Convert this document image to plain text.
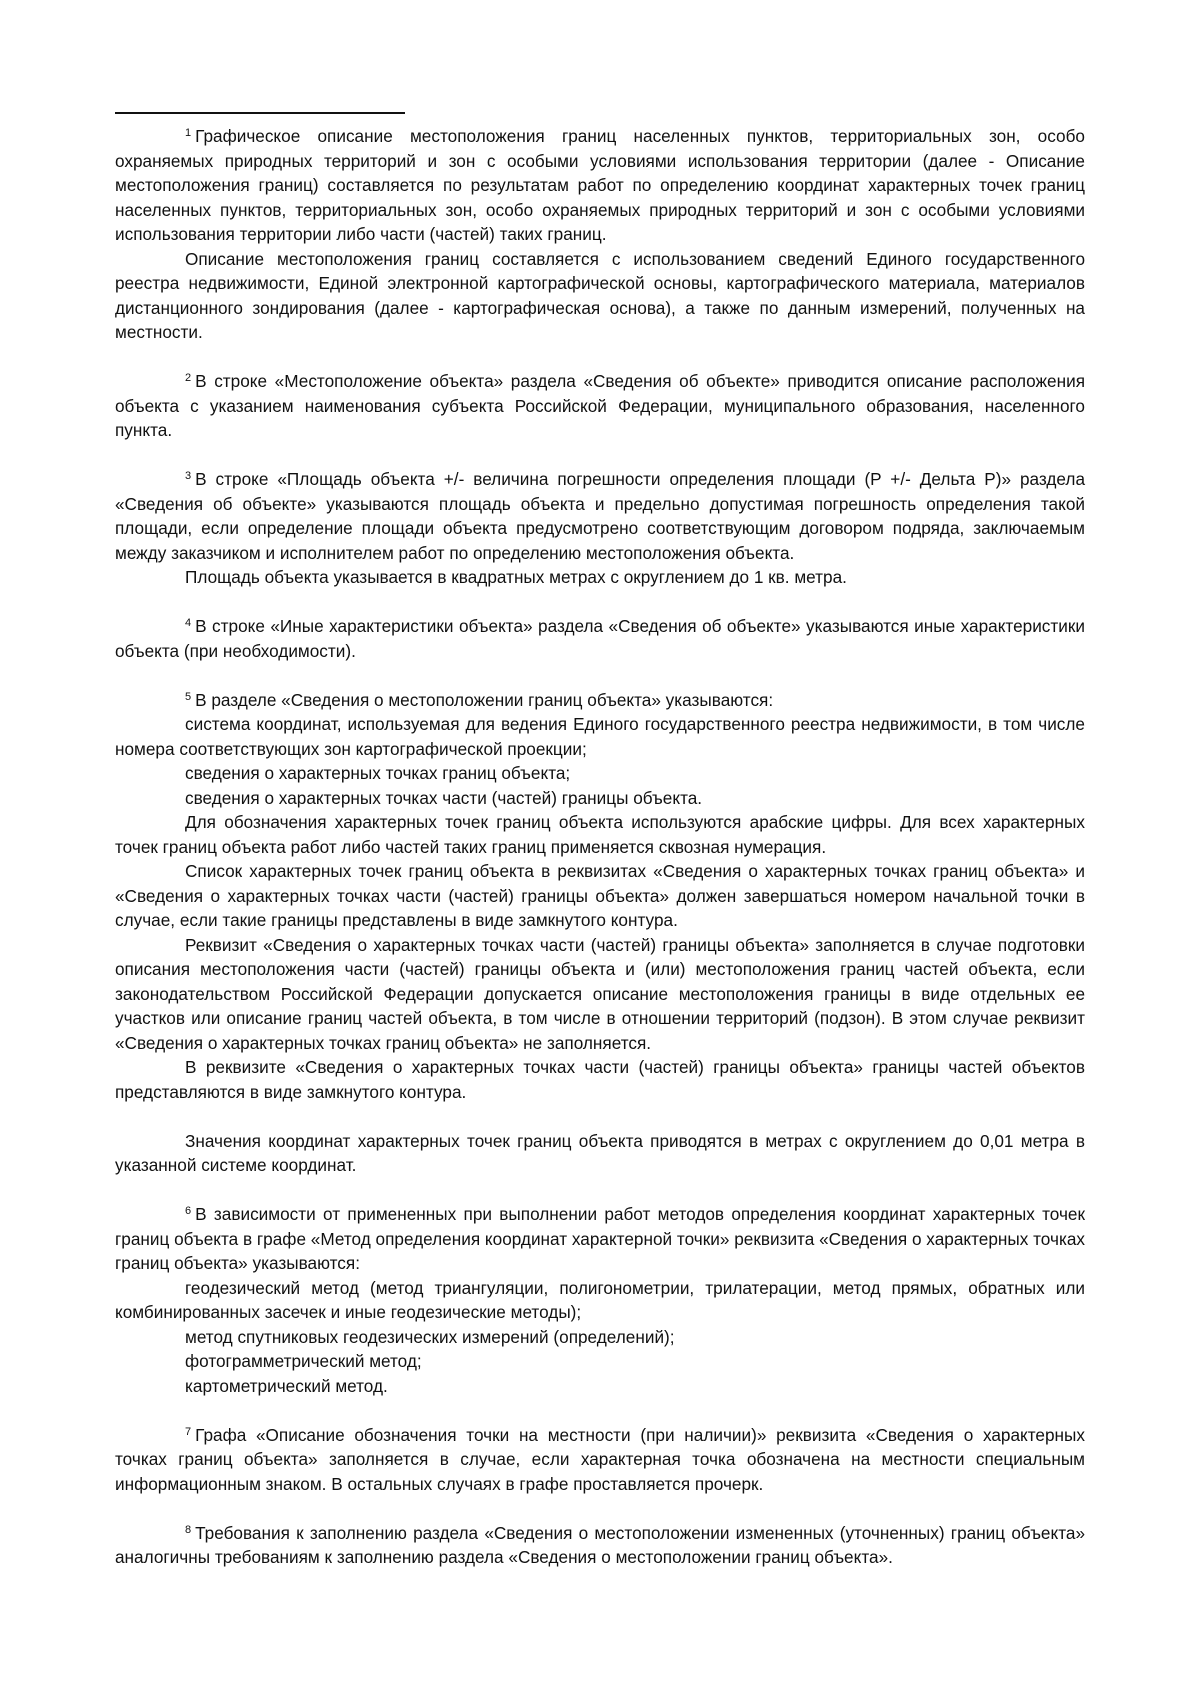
$^1$ Графическое описание местоположения границ населенных пунктов, территориальных зон, особо охраняемых природных территорий и зон с особыми условиями использования территории (далее - Описание местоположения границ) составляется по результатам работ по определению координат характерных точек границ населенных пунктов, территориальных зон, особо охраняемых природных территорий и зон с особыми условиями использования территории либо части (частей) таких границ.

Описание местоположения границ составляется с использованием сведений Единого государственного реестра недвижимости, Единой электронной картографической основы, картографического материала, материалов дистанционного зондирования (далее - картографическая основа), а также по данным измерений, полученных на местности.

$^2$ В строке «Местоположение объекта» раздела «Сведения об объекте» приводится описание расположения объекта с указанием наименования субъекта Российской Федерации, муниципального образования, населенного пункта.

$^3$ В строке «Площадь объекта +/- величина погрешности определения площади (P +/- Дельта P)» раздела «Сведения об объекте» указываются площадь объекта и предельно допустимая погрешность определения такой площади, если определение площади объекта предусмотрено соответствующим договором подряда, заключаемым между заказчиком и исполнителем работ по определению местоположения объекта.

Площадь объекта указывается в квадратных метрах с округлением до 1 кв. метра.

$^4$ В строке «Иные характеристики объекта» раздела «Сведения об объекте» указываются иные характеристики объекта (при необходимости).

$^5$ В разделе «Сведения о местоположении границ объекта» указываются:

система координат, используемая для ведения Единого государственного реестра недвижимости, в том числе номера соответствующих зон картографической проекции;

сведения о характерных точках границ объекта;

сведения о характерных точках части (частей) границы объекта.

Для обозначения характерных точек границ объекта используются арабские цифры. Для всех характерных точек границ объекта работ либо частей таких границ применяется сквозная нумерация.

Список характерных точек границ объекта в реквизитах «Сведения о характерных точках границ объекта» и «Сведения о характерных точках части (частей) границы объекта» должен завершаться номером начальной точки в случае, если такие границы представлены в виде замкнутого контура.

Реквизит «Сведения о характерных точках части (частей) границы объекта» заполняется в случае подготовки описания местоположения части (частей) границы объекта и (или) местоположения границ частей объекта, если законодательством Российской Федерации допускается описание местоположения границы в виде отдельных ее участков или описание границ частей объекта, в том числе в отношении территорий (подзон). В этом случае реквизит «Сведения о характерных точках границ объекта» не заполняется.

В реквизите «Сведения о характерных точках части (частей) границы объекта» границы частей объектов представляются в виде замкнутого контура.

Значения координат характерных точек границ объекта приводятся в метрах с округлением до 0,01 метра в указанной системе координат.

$^6$ В зависимости от примененных при выполнении работ методов определения координат характерных точек границ объекта в графе «Метод определения координат характерной точки» реквизита «Сведения о характерных точках границ объекта» указываются:

геодезический метод (метод триангуляции, полигонометрии, трилатерации, метод прямых, обратных или комбинированных засечек и иные геодезические методы);

метод спутниковых геодезических измерений (определений);

фотограмметрический метод;

картометрический метод.

$^7$ Графа «Описание обозначения точки на местности (при наличии)» реквизита «Сведения о характерных точках границ объекта» заполняется в случае, если характерная точка обозначена на местности специальным информационным знаком. В остальных случаях в графе проставляется прочерк.

$^8$ Требования к заполнению раздела «Сведения о местоположении измененных (уточненных) границ объекта» аналогичны требованиям к заполнению раздела «Сведения о местоположении границ объекта».
